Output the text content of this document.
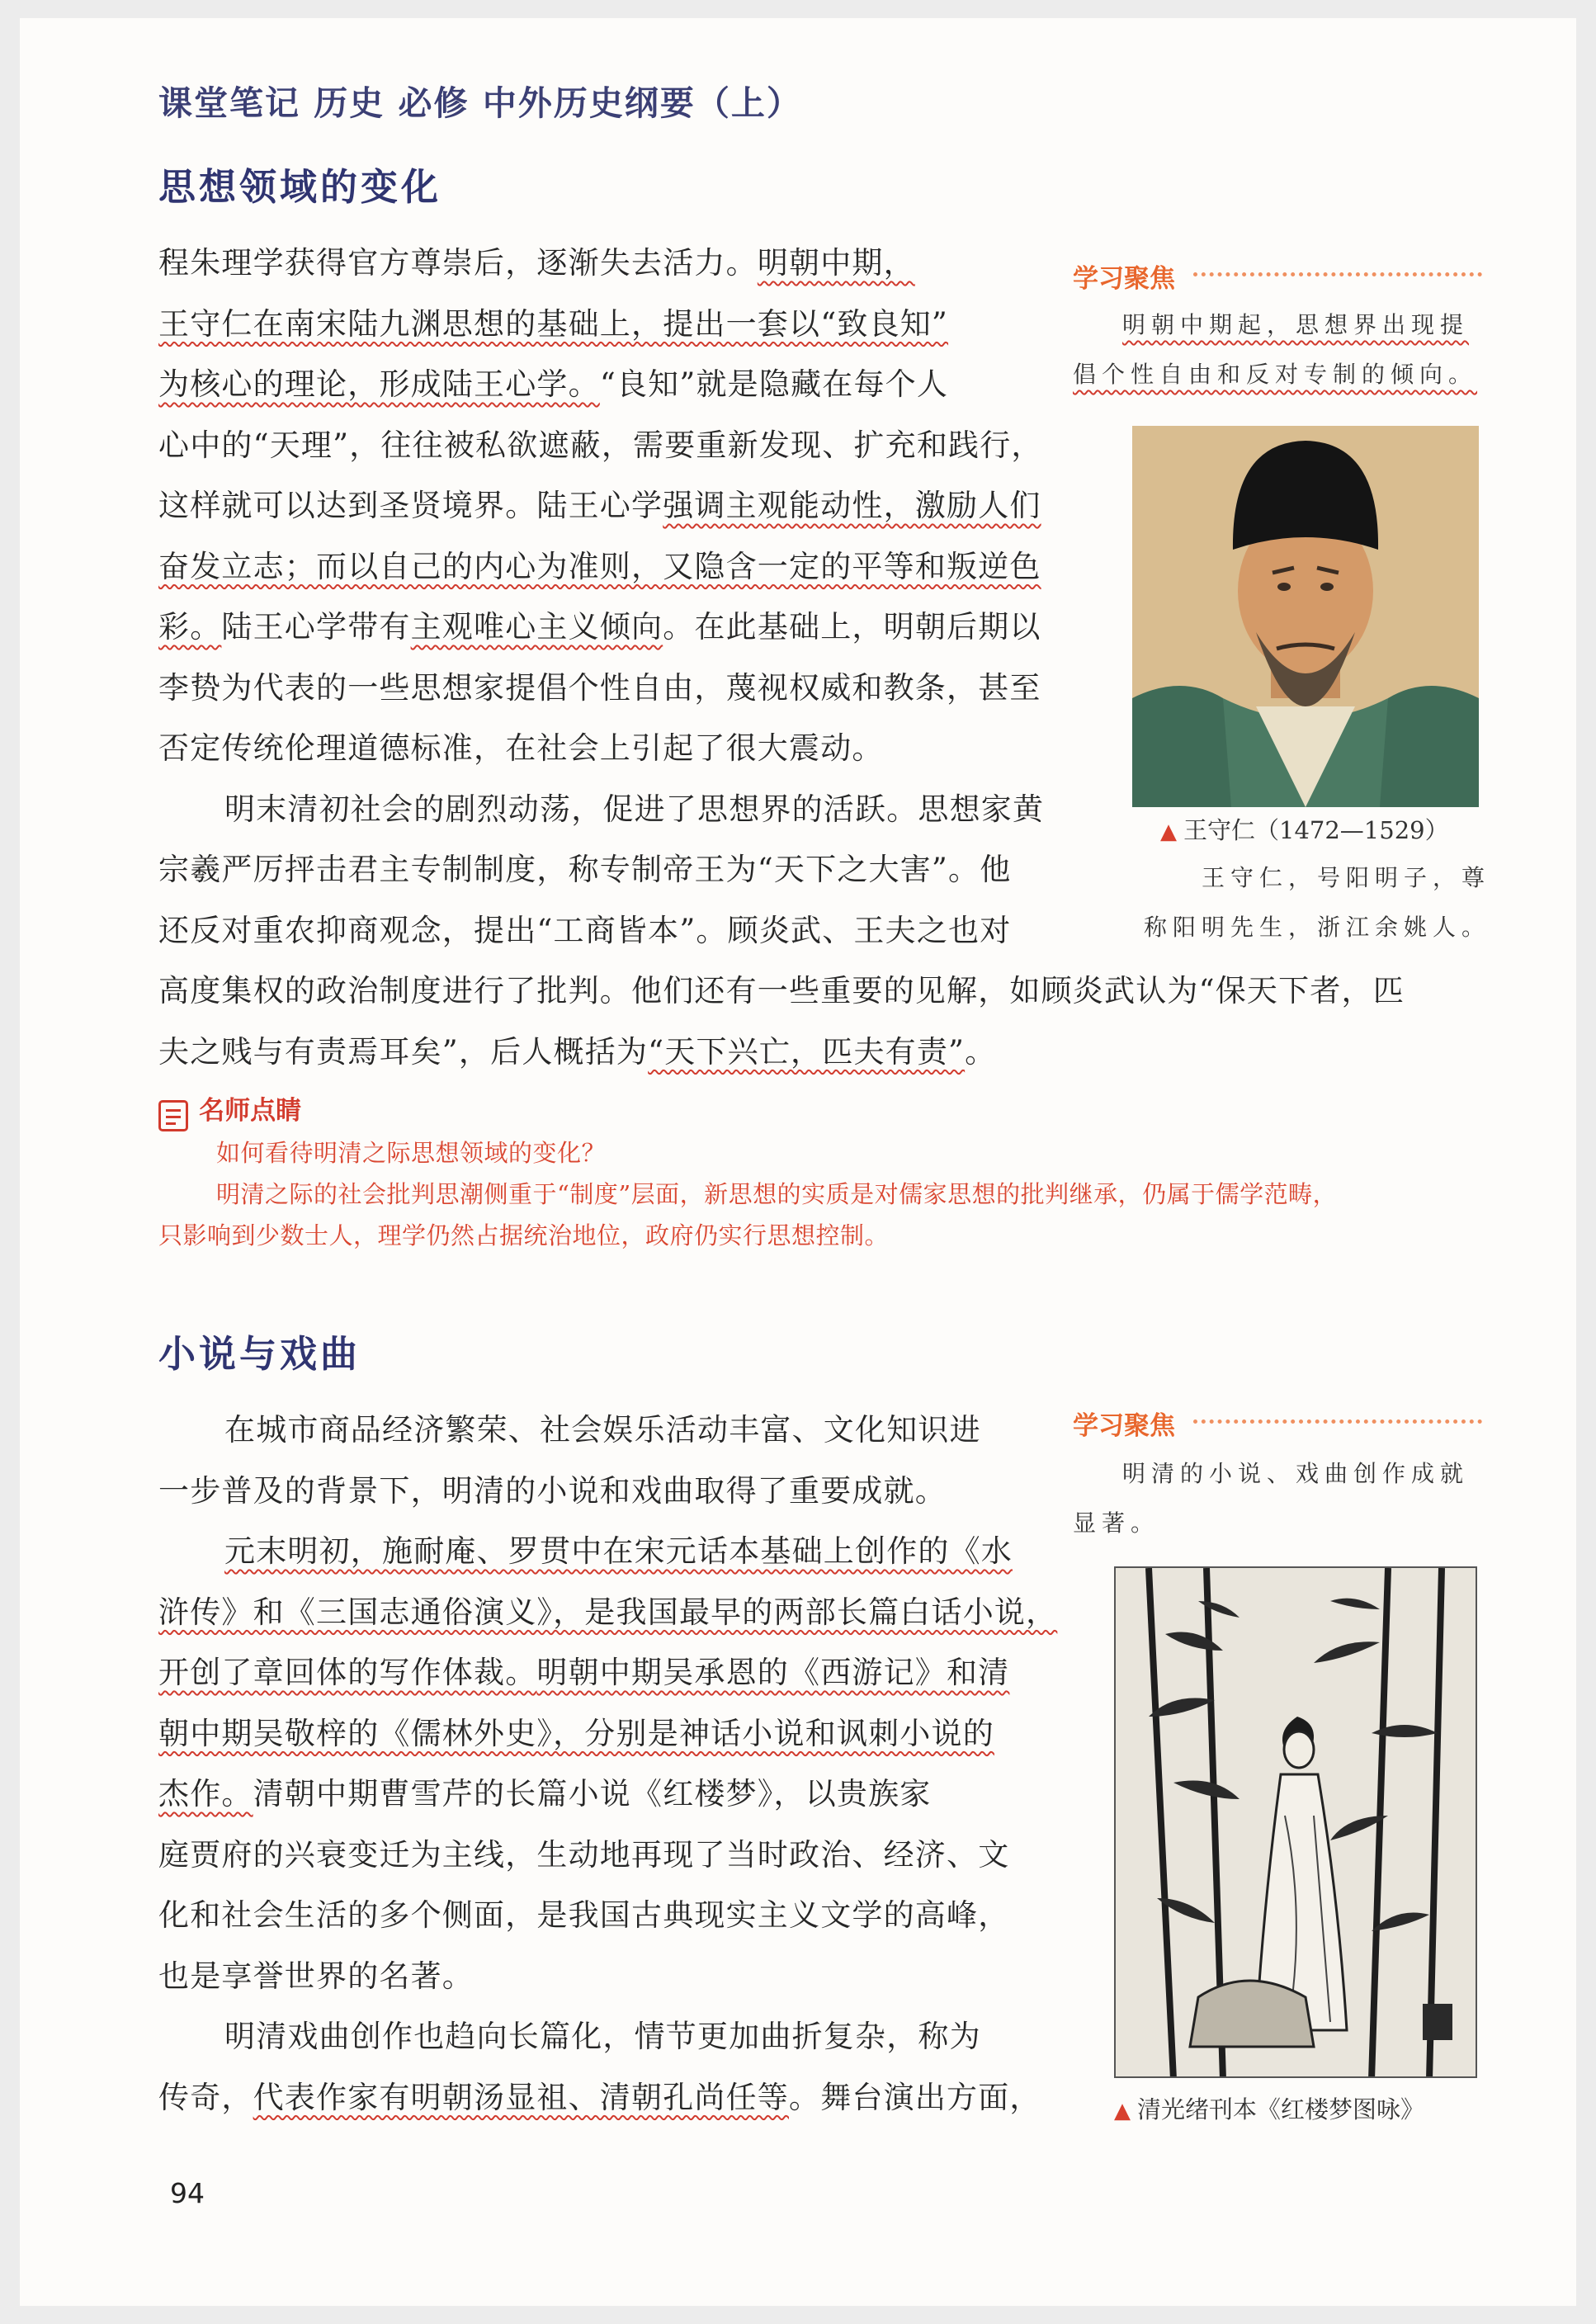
课堂笔记 历史 必修 中外历史纲要（上）
思想领域的变化
程朱理学获得官方尊崇后，逐渐失去活力。明朝中期，
王守仁在南宋陆九渊思想的基础上，提出一套以“致良知”
为核心的理论，形成陆王心学。“良知”就是隐藏在每个人
心中的“天理”，往往被私欲遮蔽，需要重新发现、扩充和践行，
这样就可以达到圣贤境界。陆王心学强调主观能动性，激励人们
奋发立志；而以自己的内心为准则，又隐含一定的平等和叛逆色
彩。陆王心学带有主观唯心主义倾向。在此基础上，明朝后期以
李贽为代表的一些思想家提倡个性自由，蔑视权威和教条，甚至
否定传统伦理道德标准，在社会上引起了很大震动。
明末清初社会的剧烈动荡，促进了思想界的活跃。思想家黄
宗羲严厉抨击君主专制制度，称专制帝王为“天下之大害”。他
还反对重农抑商观念，提出“工商皆本”。顾炎武、王夫之也对
高度集权的政治制度进行了批判。他们还有一些重要的见解，如顾炎武认为“保天下者，匹
夫之贱与有责焉耳矣”，后人概括为“天下兴亡，匹夫有责”。
学习聚焦
明朝中期起，思想界出现提
倡个性自由和反对专制的倾向。
▲ 王守仁（1472—1529）
王守仁，号阳明子，尊
称阳明先生，浙江余姚人。
名师点睛
如何看待明清之际思想领域的变化？
明清之际的社会批判思潮侧重于“制度”层面，新思想的实质是对儒家思想的批判继承，仍属于儒学范畴，
只影响到少数士人，理学仍然占据统治地位，政府仍实行思想控制。
小说与戏曲
在城市商品经济繁荣、社会娱乐活动丰富、文化知识进
一步普及的背景下，明清的小说和戏曲取得了重要成就。
元末明初，施耐庵、罗贯中在宋元话本基础上创作的《水
浒传》和《三国志通俗演义》，是我国最早的两部长篇白话小说，
开创了章回体的写作体裁。明朝中期吴承恩的《西游记》和清
朝中期吴敬梓的《儒林外史》，分别是神话小说和讽刺小说的
杰作。清朝中期曹雪芹的长篇小说《红楼梦》，以贵族家
庭贾府的兴衰变迁为主线，生动地再现了当时政治、经济、文
化和社会生活的多个侧面，是我国古典现实主义文学的高峰，
也是享誉世界的名著。
明清戏曲创作也趋向长篇化，情节更加曲折复杂，称为
传奇，代表作家有明朝汤显祖、清朝孔尚任等。舞台演出方面，
学习聚焦
明清的小说、戏曲创作成就
显著。
▲ 清光绪刊本《红楼梦图咏》
94
